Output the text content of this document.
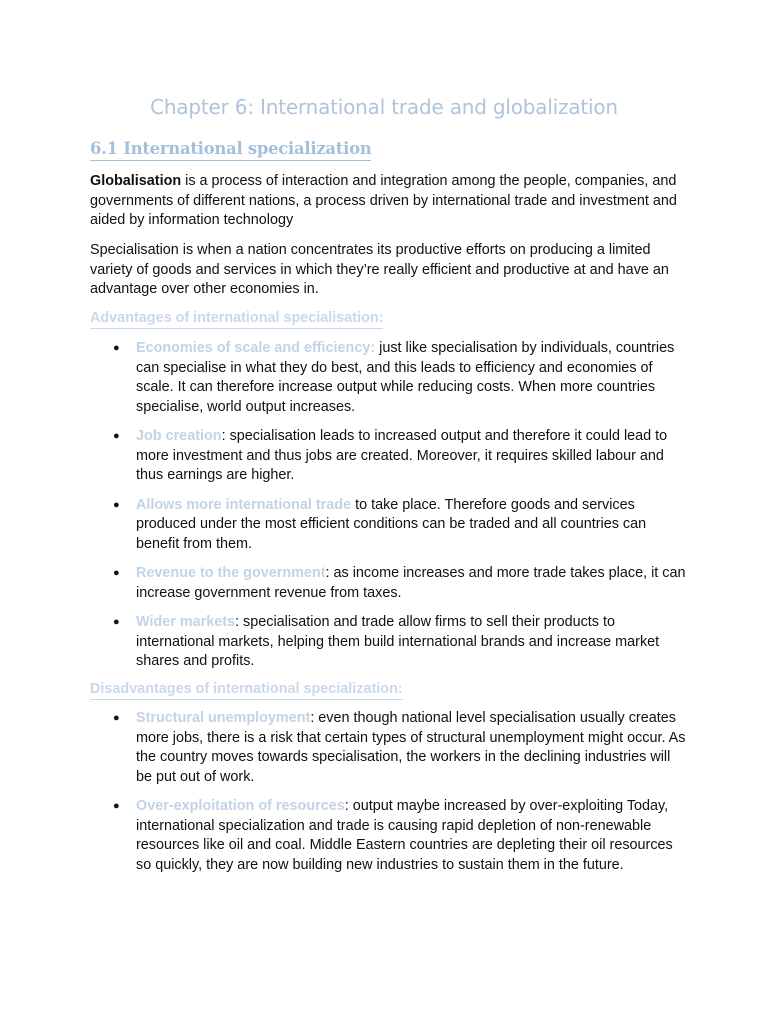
Chapter 6: International trade and globalization
6.1 International specialization

Globalisation is a process of interaction and integration among the people, companies, and governments of different nations, a process driven by international trade and investment and aided by information technology

Specialisation is when a nation concentrates its productive efforts on producing a limited variety of goods and services in which they’re really efficient and productive at and have an advantage over other economies in.

Advantages of international specialisation:
● Economies of scale and efficiency: just like specialisation by individuals, countries can specialise in what they do best, and this leads to efficiency and economies of scale. It can therefore increase output while reducing costs. When more countries specialise, world output increases.
● Job creation: specialisation leads to increased output and therefore it could lead to more investment and thus jobs are created. Moreover, it requires skilled labour and thus earnings are higher.
● Allows more international trade to take place. Therefore goods and services produced under the most efficient conditions can be traded and all countries can benefit from them.
● Revenue to the government: as income increases and more trade takes place, it can increase government revenue from taxes.
● Wider markets: specialisation and trade allow firms to sell their products to international markets, helping them build international brands and increase market shares and profits.
Disadvantages of international specialization:
● Structural unemployment: even though national level specialisation usually creates more jobs, there is a risk that certain types of structural unemployment might occur. As the country moves towards specialisation, the workers in the declining industries will be put out of work.
● Over-exploitation of resources: output maybe increased by over-exploiting Today, international specialization and trade is causing rapid depletion of non-renewable resources like oil and coal. Middle Eastern countries are depleting their oil resources so quickly, they are now building new industries to sustain them in the future.
